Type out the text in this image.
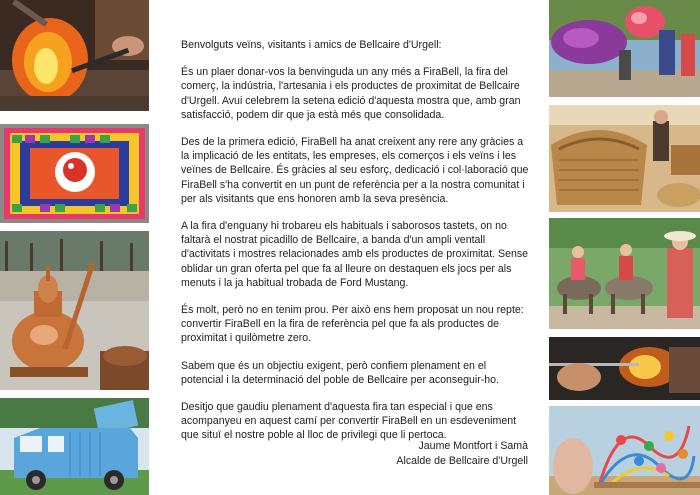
Benvolguts veïns, visitants i amics de Bellcaire d'Urgell:

És un plaer donar-vos la benvinguda un any més a FiraBell, la fira del comerç, la indústria, l'artesania i els productes de proximitat de Bellcaire d'Urgell. Avui celebrem la setena edició d'aquesta mostra que, amb gran satisfacció, podem dir que ja està més que consolidada.

Des de la primera edició, FiraBell ha anat creixent any rere any gràcies a la implicació de les entitats, les empreses, els comerços i els veïns i les veïnes de Bellcaire. És gràcies al seu esforç, dedicació i col·laboració que FiraBell s'ha convertit en un punt de referència per a la nostra comunitat i per als visitants que ens honoren amb la seva presència.

A la fira d'enguany hi trobareu els habituals i saborosos tastets, on no faltarà el nostrat picadillo de Bellcaire, a banda d'un ampli ventall d'activitats i mostres relacionades amb els productes de proximitat. Sense oblidar un gran oferta pel que fa al lleure on destaquen els jocs per als menuts i la ja habitual trobada de Ford Mustang.

És molt, però no en tenim prou. Per això ens hem proposat un nou repte: convertir FiraBell en la fira de referència pel que fa als productes de proximitat i quilòmetre zero.

Sabem que és un objectiu exigent, però confiem plenament en el potencial i la determinació del poble de Bellcaire per aconseguir-ho.

Desitjo que gaudiu plenament d'aquesta fira tan especial i que ens acompanyeu en aquest camí per convertir FiraBell en un esdeveniment que situï el nostre poble al lloc de privilegi que li pertoca.

Jaume Montfort i Samà
Alcalde de Bellcaire d'Urgell
